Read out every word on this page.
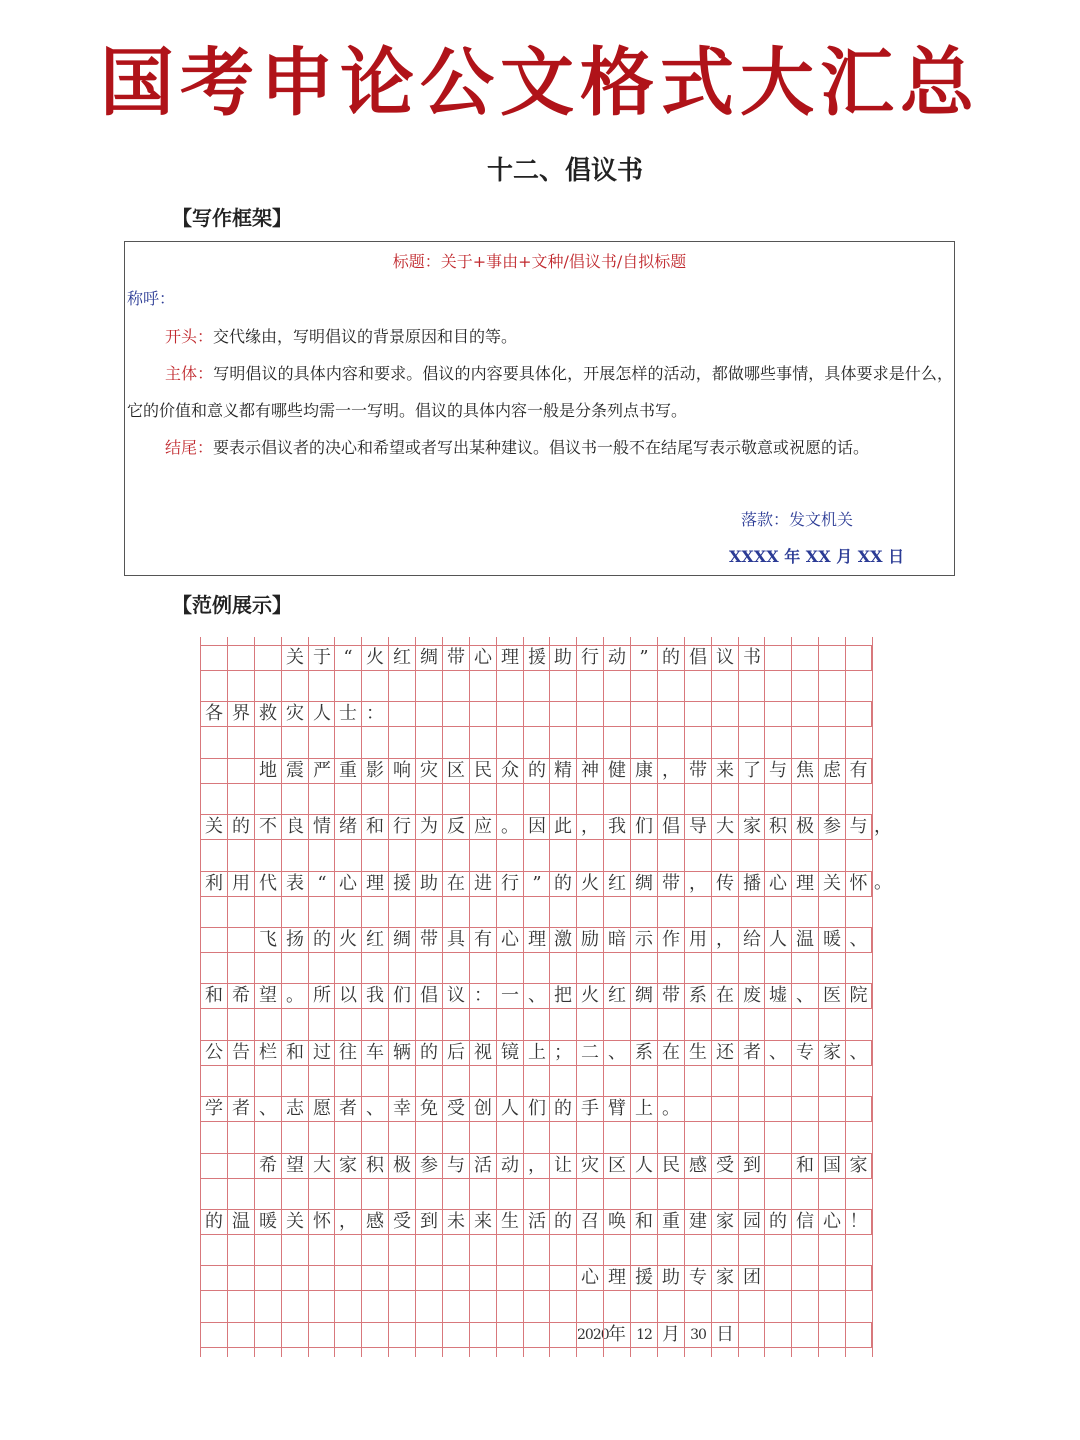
国考申论公文格式大汇总
十二、倡议书
【写作框架】
标题：关于+事由+文种/倡议书/自拟标题
称呼：
开头：交代缘由，写明倡议的背景原因和目的等。
主体：写明倡议的具体内容和要求。倡议的内容要具体化，开展怎样的活动，都做哪些事情，具体要求是什么，它的价值和意义都有哪些均需一一写明。倡议的具体内容一般是分条列点书写。
结尾：要表示倡议者的决心和希望或者写出某种建议。倡议书一般不在结尾写表示敬意或祝愿的话。
落款：发文机关
XXXX 年 XX 月 XX 日
【范例展示】
，
。
关 于 “ 火 红 绸 带 心 理 援 助 行 动 ” 的 倡 议 书
各 界 救 灾 人 士 ：
地 震 严 重 影 响 灾 区 民 众 的 精 神 健 康 ， 带 来 了 与 焦 虑 有
关 的 不 良 情 绪 和 行 为 反 应 。 因 此 ， 我 们 倡 导 大 家 积 极 参 与
利 用 代 表 “ 心 理 援 助 在 进 行 ” 的 火 红 绸 带 ， 传 播 心 理 关 怀
飞 扬 的 火 红 绸 带 具 有 心 理 激 励 暗 示 作 用 ， 给 人 温 暖 、
和 希 望 。 所 以 我 们 倡 议 ： 一 、 把 火 红 绸 带 系 在 废 墟 、 医 院
公 告 栏 和 过 往 车 辆 的 后 视 镜 上 ； 二 、 系 在 生 还 者 、 专 家 、
学 者 、 志 愿 者 、 幸 免 受 创 人 们 的 手 臂 上 。
希 望 大 家 积 极 参 与 活 动 ， 让 灾 区 人 民 感 受 到 和 国 家
的 温 暖 关 怀 ， 感 受 到 未 来 生 活 的 召 唤 和 重 建 家 园 的 信 心 ！
心 理 援 助 专 家 团
2020 年 12 月 30 日
